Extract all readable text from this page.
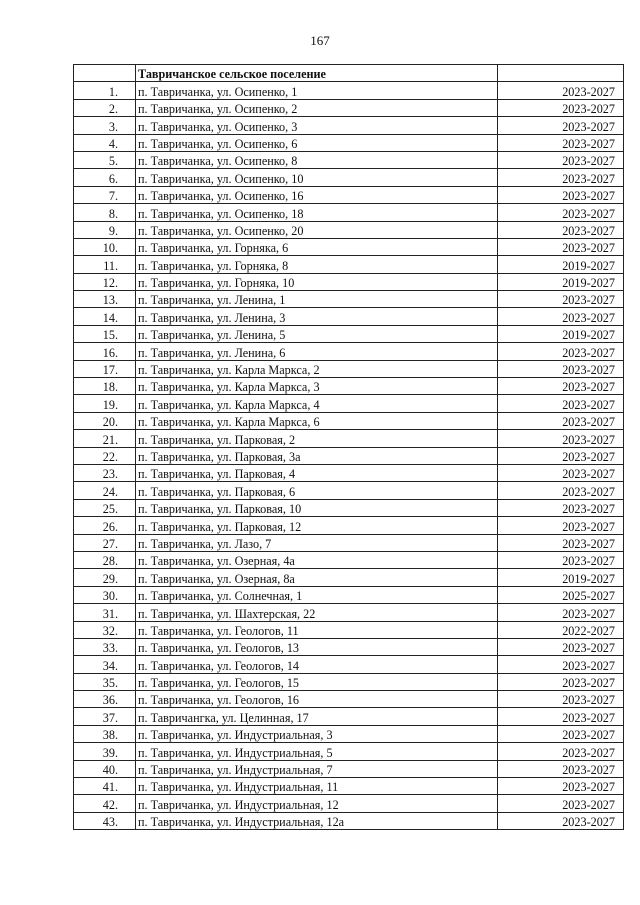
167
	Тавричанское сельское поселение	
1.	п. Тавричанка, ул. Осипенко, 1	2023-2027
2.	п. Тавричанка, ул. Осипенко, 2	2023-2027
3.	п. Тавричанка, ул. Осипенко, 3	2023-2027
4.	п. Тавричанка, ул. Осипенко, 6	2023-2027
5.	п. Тавричанка, ул. Осипенко, 8	2023-2027
6.	п. Тавричанка, ул. Осипенко, 10	2023-2027
7.	п. Тавричанка, ул. Осипенко, 16	2023-2027
8.	п. Тавричанка, ул. Осипенко, 18	2023-2027
9.	п. Тавричанка, ул. Осипенко, 20	2023-2027
10.	п. Тавричанка, ул. Горняка, 6	2023-2027
11.	п. Тавричанка, ул. Горняка, 8	2019-2027
12.	п. Тавричанка, ул. Горняка, 10	2019-2027
13.	п. Тавричанка, ул. Ленина, 1	2023-2027
14.	п. Тавричанка, ул. Ленина, 3	2023-2027
15.	п. Тавричанка, ул. Ленина, 5	2019-2027
16.	п. Тавричанка, ул. Ленина, 6	2023-2027
17.	п. Тавричанка, ул. Карла Маркса, 2	2023-2027
18.	п. Тавричанка, ул. Карла Маркса, 3	2023-2027
19.	п. Тавричанка, ул. Карла Маркса, 4	2023-2027
20.	п. Тавричанка, ул. Карла Маркса, 6	2023-2027
21.	п. Тавричанка, ул. Парковая, 2	2023-2027
22.	п. Тавричанка, ул. Парковая, 3а	2023-2027
23.	п. Тавричанка, ул. Парковая, 4	2023-2027
24.	п. Тавричанка, ул. Парковая, 6	2023-2027
25.	п. Тавричанка, ул. Парковая, 10	2023-2027
26.	п. Тавричанка, ул. Парковая, 12	2023-2027
27.	п. Тавричанка, ул. Лазо, 7	2023-2027
28.	п. Тавричанка, ул. Озерная, 4а	2023-2027
29.	п. Тавричанка, ул. Озерная, 8а	2019-2027
30.	п. Тавричанка, ул. Солнечная, 1	2025-2027
31.	п. Тавричанка, ул. Шахтерская, 22	2023-2027
32.	п. Тавричанка, ул. Геологов, 11	2022-2027
33.	п. Тавричанка, ул. Геологов, 13	2023-2027
34.	п. Тавричанка, ул. Геологов, 14	2023-2027
35.	п. Тавричанка, ул. Геологов, 15	2023-2027
36.	п. Тавричанка, ул. Геологов, 16	2023-2027
37.	п. Тавричангка, ул. Целинная, 17	2023-2027
38.	п. Тавричанка, ул. Индустриальная, 3	2023-2027
39.	п. Тавричанка, ул. Индустриальная, 5	2023-2027
40.	п. Тавричанка, ул. Индустриальная, 7	2023-2027
41.	п. Тавричанка, ул. Индустриальная, 11	2023-2027
42.	п. Тавричанка, ул. Индустриальная, 12	2023-2027
43.	п. Тавричанка, ул. Индустриальная, 12а	2023-2027
